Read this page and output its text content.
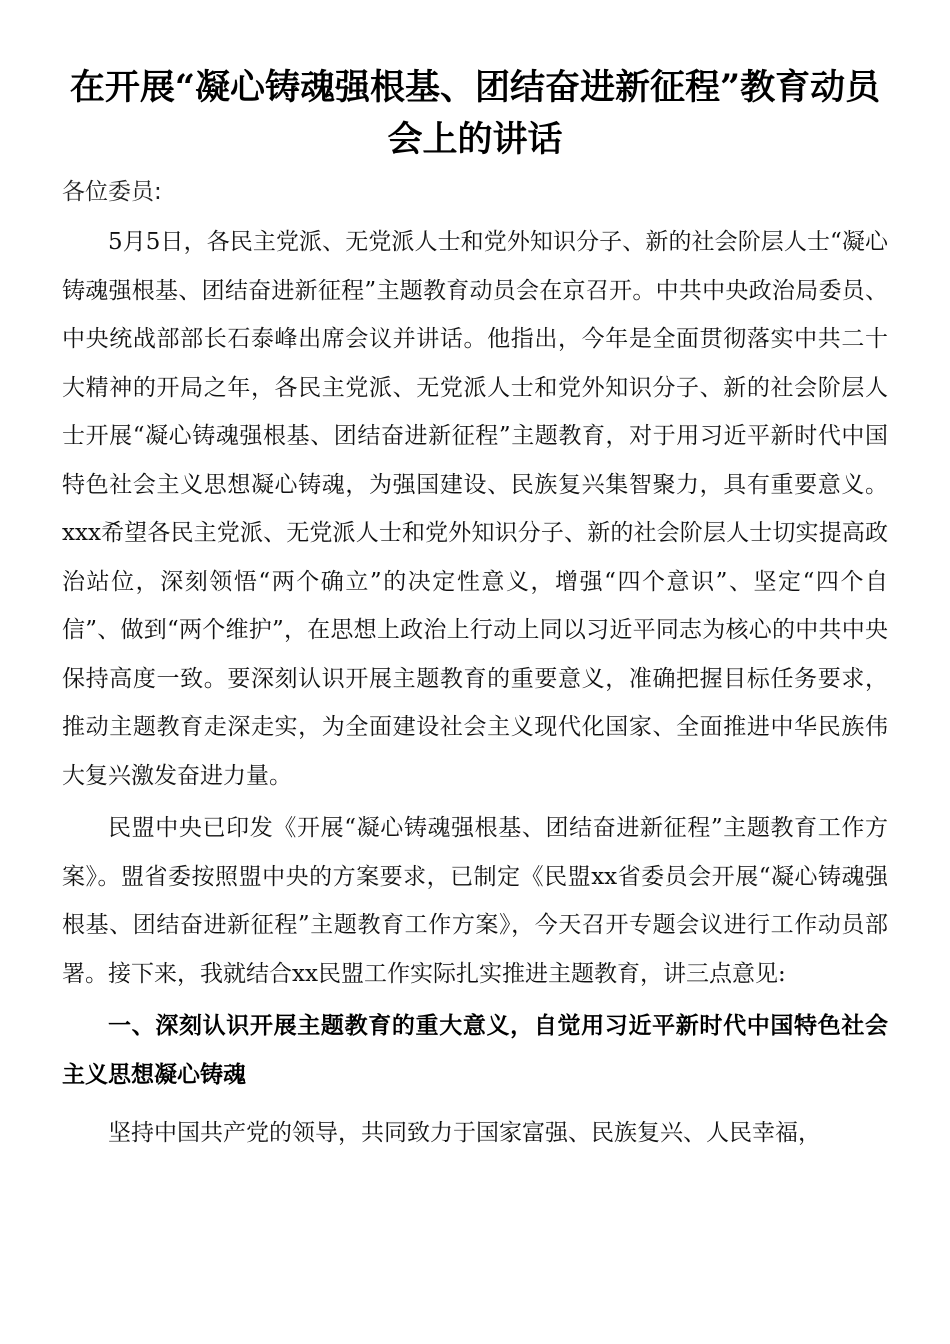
在开展“凝心铸魂强根基、团结奋进新征程”教育动员会上的讲话

各位委员:

5月5日，各民主党派、无党派人士和党外知识分子、新的社会阶层人士“凝心铸魂强根基、团结奋进新征程”主题教育动员会在京召开。中共中央政治局委员、中央统战部部长石泰峰出席会议并讲话。他指出，今年是全面贯彻落实中共二十大精神的开局之年，各民主党派、无党派人士和党外知识分子、新的社会阶层人士开展“凝心铸魂强根基、团结奋进新征程”主题教育，对于用习近平新时代中国特色社会主义思想凝心铸魂，为强国建设、民族复兴集智聚力，具有重要意义。xxx希望各民主党派、无党派人士和党外知识分子、新的社会阶层人士切实提高政治站位，深刻领悟“两个确立”的决定性意义，增强“四个意识”、坚定“四个自信”、做到“两个维护”，在思想上政治上行动上同以习近平同志为核心的中共中央保持高度一致。要深刻认识开展主题教育的重要意义，准确把握目标任务要求，推动主题教育走深走实，为全面建设社会主义现代化国家、全面推进中华民族伟大复兴激发奋进力量。

民盟中央已印发《开展“凝心铸魂强根基、团结奋进新征程”主题教育工作方案》。盟省委按照盟中央的方案要求，已制定《民盟xx省委员会开展“凝心铸魂强根基、团结奋进新征程”主题教育工作方案》，今天召开专题会议进行工作动员部署。接下来，我就结合xx民盟工作实际扎实推进主题教育，讲三点意见:

一、深刻认识开展主题教育的重大意义，自觉用习近平新时代中国特色社会主义思想凝心铸魂

坚持中国共产党的领导，共同致力于国家富强、民族复兴、人民幸福，
